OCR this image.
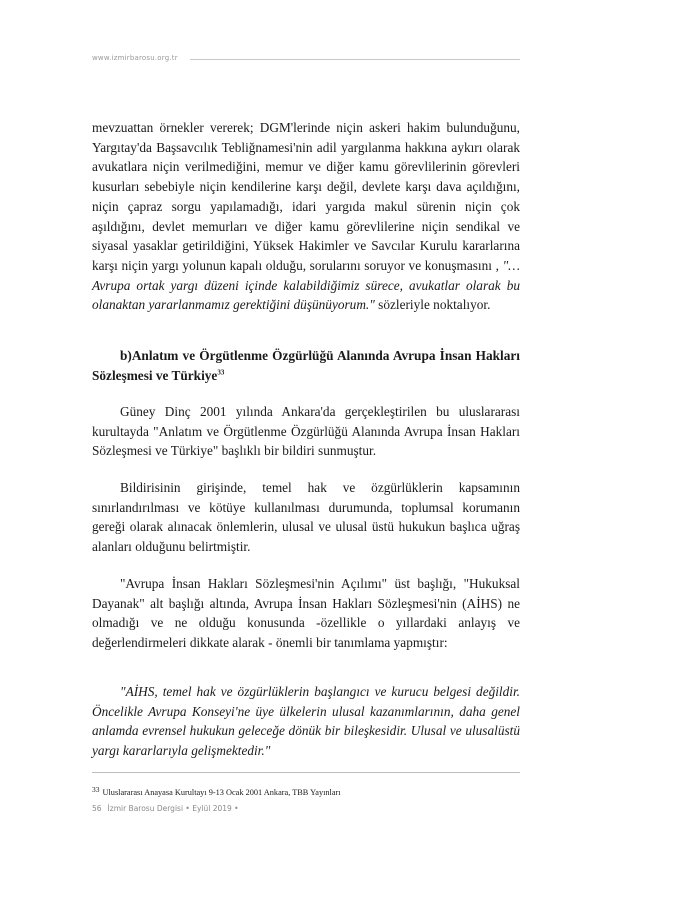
www.izmirbarosu.org.tr

mevzuattan örnekler vererek; DGM'lerinde niçin askeri hakim bulunduğunu, Yargıtay'da Başsavcılık Tebliğnamesi'nin adil yargılanma hakkına aykırı olarak avukatlara niçin verilmediğini, memur ve diğer kamu görevlilerinin görevleri kusurları sebebiyle niçin kendilerine karşı değil, devlete karşı dava açıldığını, niçin çapraz sorgu yapılamadığı, idari yargıda makul sürenin niçin çok aşıldığını, devlet memurları ve diğer kamu görevlilerine niçin sendikal ve siyasal yasaklar getirildiğini, Yüksek Hakimler ve Savcılar Kurulu kararlarına karşı niçin yargı yolunun kapalı olduğu, sorularını soruyor ve konuşmasını , "… Avrupa ortak yargı düzeni içinde kalabildiğimiz sürece, avukatlar olarak bu olanaktan yararlanmamız gerektiğini düşünüyorum." sözleriyle noktalıyor.

b)Anlatım ve Örgütlenme Özgürlüğü Alanında Avrupa İnsan Hakları Sözleşmesi ve Türkiye$^{33}$

Güney Dinç 2001 yılında Ankara'da gerçekleştirilen bu uluslararası kurultayda "Anlatım ve Örgütlenme Özgürlüğü Alanında Avrupa İnsan Hakları Sözleşmesi ve Türkiye" başlıklı bir bildiri sunmuştur.

Bildirisinin girişinde, temel hak ve özgürlüklerin kapsamının sınırlandırılması ve kötüye kullanılması durumunda, toplumsal korumanın gereği olarak alınacak önlemlerin, ulusal ve ulusal üstü hukukun başlıca uğraş alanları olduğunu belirtmiştir.

"Avrupa İnsan Hakları Sözleşmesi'nin Açılımı" üst başlığı, "Hukuksal Dayanak" alt başlığı altında, Avrupa İnsan Hakları Sözleşmesi'nin (AİHS) ne olmadığı ve ne olduğu konusunda -özellikle o yıllardaki anlayış ve değerlendirmeleri dikkate alarak - önemli bir tanımlama yapmıştır:

"AİHS, temel hak ve özgürlüklerin başlangıcı ve kurucu belgesi değildir. Öncelikle Avrupa Konseyi'ne üye ülkelerin ulusal kazanımlarının, daha genel anlamda evrensel hukukun geleceğe dönük bir bileşkesidir. Ulusal ve ulusalüstü yargı kararlarıyla gelişmektedir."

33 Uluslararası Anayasa Kurultayı 9-13 Ocak 2001 Ankara, TBB Yayınları
56 İzmir Barosu Dergisi • Eylül 2019 •
